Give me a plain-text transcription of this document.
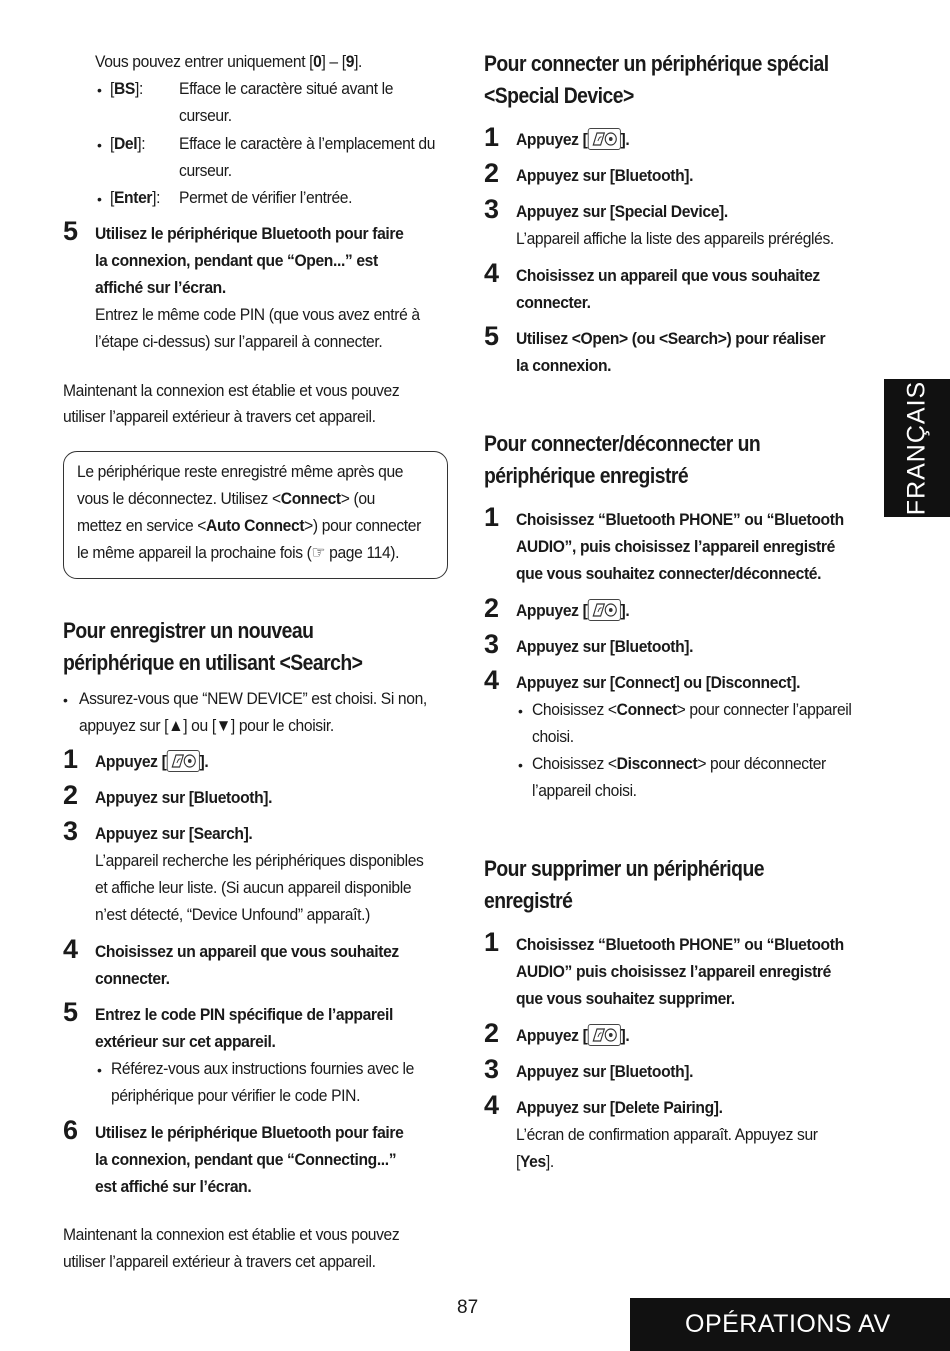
Vous pouvez entrer uniquement [0] – [9].
• [BS]: Efface le caractère situé avant le
curseur.
• [Del]: Efface le caractère à l’emplacement du
curseur.
• [Enter]: Permet de vérifier l’entrée.
5 Utilisez le périphérique Bluetooth pour faire
la connexion, pendant que “Open...” est
affiché sur l’écran.
Entrez le même code PIN (que vous avez entré à
l’étape ci-dessus) sur l’appareil à connecter.
Maintenant la connexion est établie et vous pouvez
utiliser l’appareil extérieur à travers cet appareil.
Le périphérique reste enregistré même après que
vous le déconnectez. Utilisez <Connect> (ou
mettez en service <Auto Connect>) pour connecter
le même appareil la prochaine fois (☞ page 114).
Pour enregistrer un nouveau
périphérique en utilisant <Search>
• Assurez-vous que “NEW DEVICE” est choisi. Si non,
appuyez sur [▲] ou [▼] pour le choisir.
1 Appuyez [ ].
2 Appuyez sur [Bluetooth].
3 Appuyez sur [Search].
L’appareil recherche les périphériques disponibles
et affiche leur liste. (Si aucun appareil disponible
n’est détecté, “Device Unfound” apparaît.)
4 Choisissez un appareil que vous souhaitez
connecter.
5 Entrez le code PIN spécifique de l’appareil
extérieur sur cet appareil.
• Référez-vous aux instructions fournies avec le
périphérique pour vérifier le code PIN.
6 Utilisez le périphérique Bluetooth pour faire
la connexion, pendant que “Connecting...”
est affiché sur l’écran.
Maintenant la connexion est établie et vous pouvez
utiliser l’appareil extérieur à travers cet appareil.
Pour connecter un périphérique spécial
<Special Device>
1 Appuyez [ ].
2 Appuyez sur [Bluetooth].
3 Appuyez sur [Special Device].
L’appareil affiche la liste des appareils préréglés.
4 Choisissez un appareil que vous souhaitez
connecter.
5 Utilisez <Open> (ou <Search>) pour réaliser
la connexion.
Pour connecter/déconnecter un
périphérique enregistré
1 Choisissez “Bluetooth PHONE” ou “Bluetooth
AUDIO”, puis choisissez l’appareil enregistré
que vous souhaitez connecter/déconnecté.
2 Appuyez [ ].
3 Appuyez sur [Bluetooth].
4 Appuyez sur [Connect] ou [Disconnect].
• Choisissez <Connect> pour connecter l’appareil
choisi.
• Choisissez <Disconnect> pour déconnecter
l’appareil choisi.
Pour supprimer un périphérique
enregistré
1 Choisissez “Bluetooth PHONE” ou “Bluetooth
AUDIO” puis choisissez l’appareil enregistré
que vous souhaitez supprimer.
2 Appuyez [ ].
3 Appuyez sur [Bluetooth].
4 Appuyez sur [Delete Pairing].
L’écran de confirmation apparaît. Appuyez sur
[Yes].
FRANÇAIS
87
OPÉRATIONS AV
